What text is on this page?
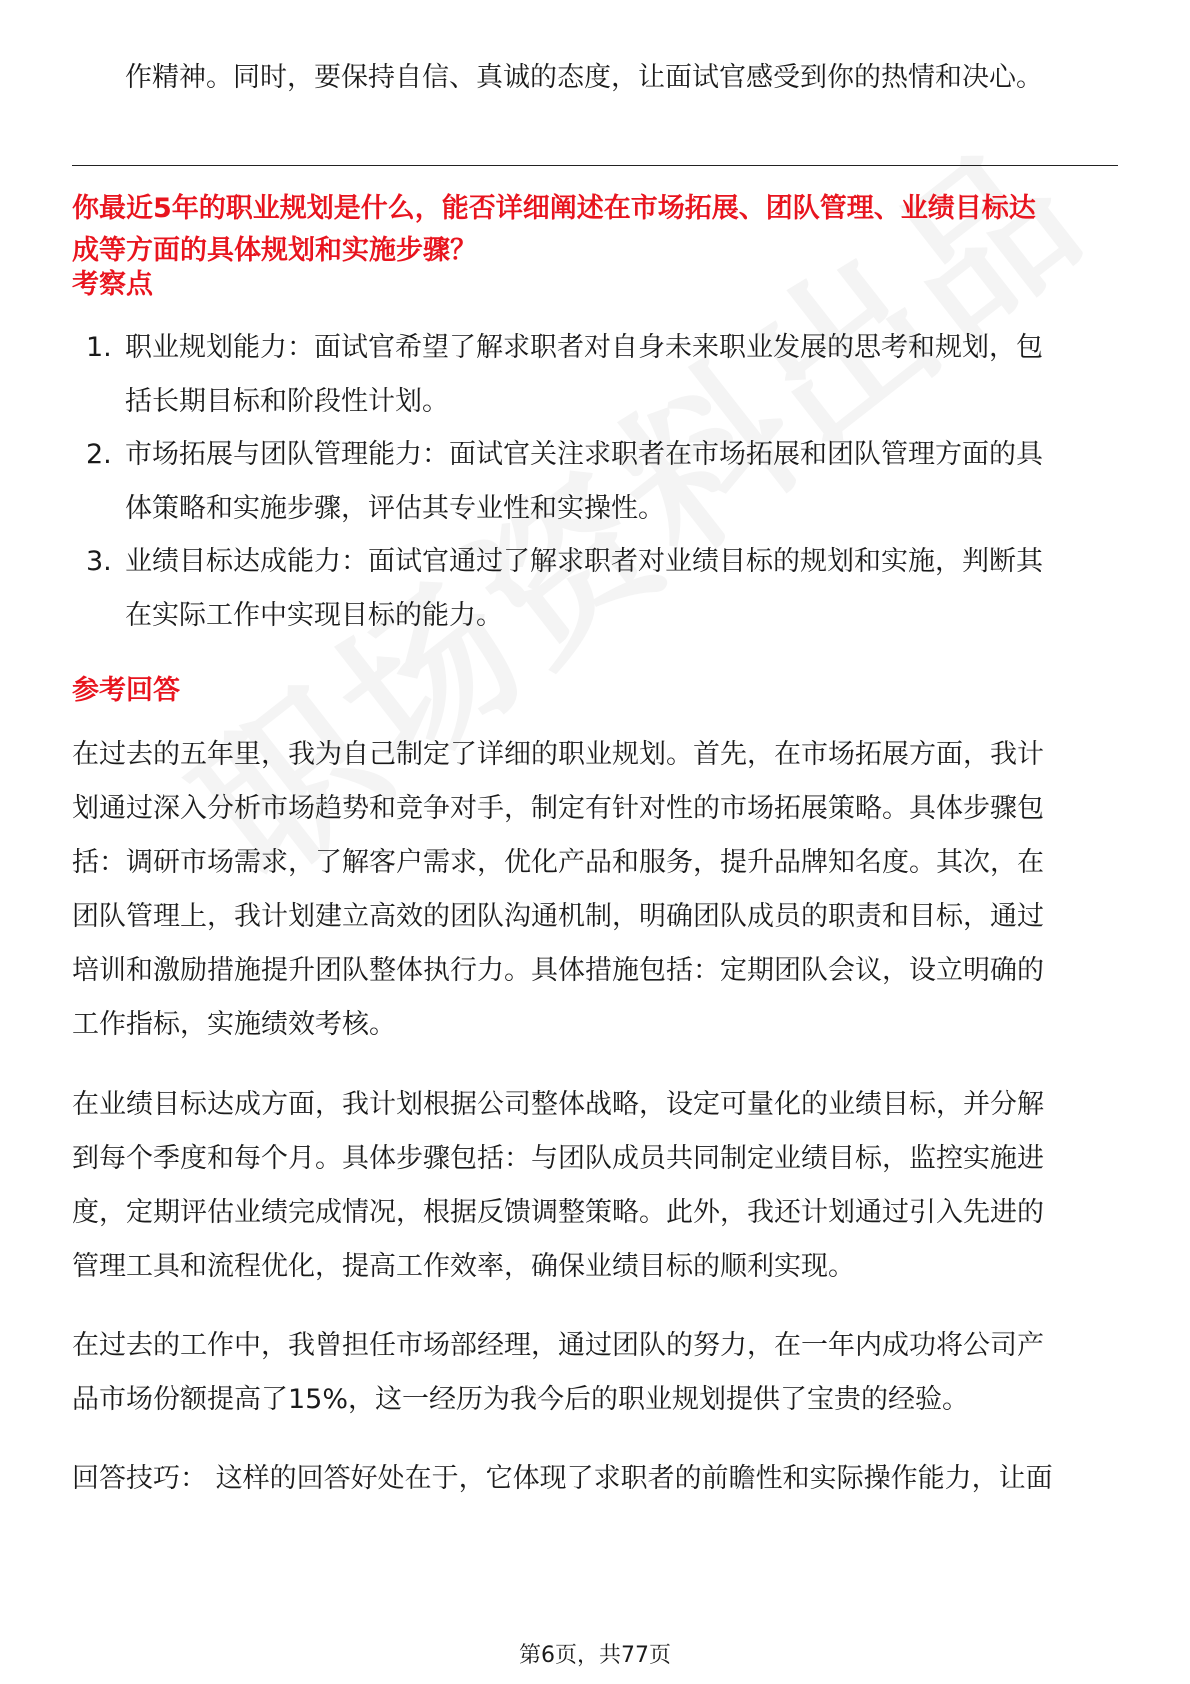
作精神。同时，要保持自信、真诚的态度，让面试官感受到你的热情和决心。

你最近5年的职业规划是什么，能否详细阐述在市场拓展、团队管理、业绩目标达
成等方面的具体规划和实施步骤？
考察点
1. 职业规划能力：面试官希望了解求职者对自身未来职业发展的思考和规划，包

括长期目标和阶段性计划。

2. 市场拓展与团队管理能力：面试官关注求职者在市场拓展和团队管理方面的具

体策略和实施步骤，评估其专业性和实操性。

3. 业绩目标达成能力：面试官通过了解求职者对业绩目标的规划和实施，判断其

在实际工作中实现目标的能力。

参考回答

在过去的五年里，我为自己制定了详细的职业规划。首先，在市场拓展方面，我计

划通过深入分析市场趋势和竞争对手，制定有针对性的市场拓展策略。具体步骤包

括：调研市场需求，了解客户需求，优化产品和服务，提升品牌知名度。其次，在

团队管理上，我计划建立高效的团队沟通机制，明确团队成员的职责和目标，通过

培训和激励措施提升团队整体执行力。具体措施包括：定期团队会议，设立明确的

工作指标，实施绩效考核。

在业绩目标达成方面，我计划根据公司整体战略，设定可量化的业绩目标，并分解

到每个季度和每个月。具体步骤包括：与团队成员共同制定业绩目标，监控实施进

度，定期评估业绩完成情况，根据反馈调整策略。此外，我还计划通过引入先进的

管理工具和流程优化，提高工作效率，确保业绩目标的顺利实现。

在过去的工作中，我曾担任市场部经理，通过团队的努力，在一年内成功将公司产

品市场份额提高了15%，这一经历为我今后的职业规划提供了宝贵的经验。

回答技巧： 这样的回答好处在于，它体现了求职者的前瞻性和实际操作能力，让面

第6页，共77页
